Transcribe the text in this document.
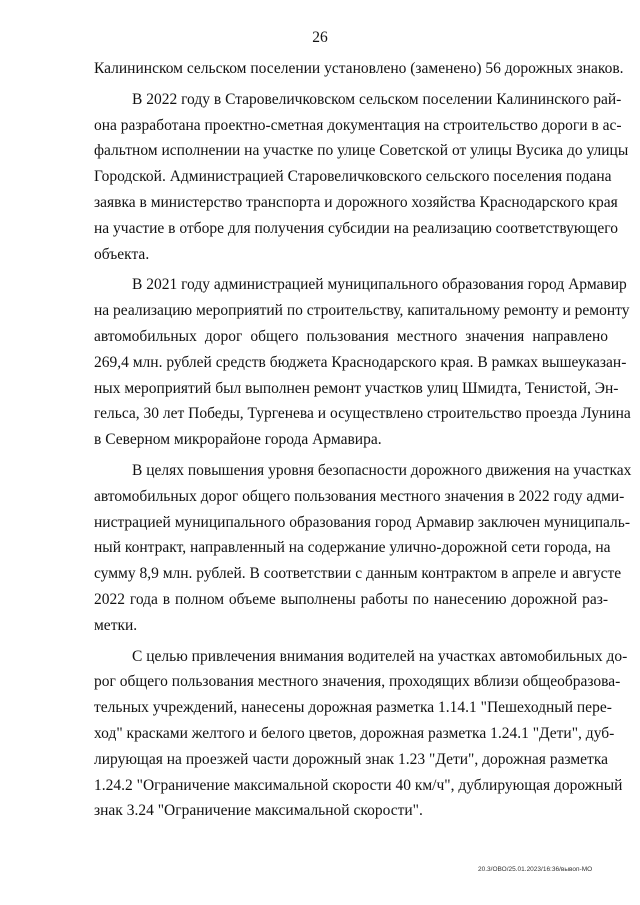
26
Калининском сельском поселении установлено (заменено) 56 дорожных знаков.
В 2022 году в Старовеличковском сельском поселении Калининского рай-
она разработана проектно-сметная документация на строительство дороги в ас-
фальтном исполнении на участке по улице Советской от улицы Вусика до улицы
Городской. Администрацией Старовеличковского сельского поселения подана
заявка в министерство транспорта и дорожного хозяйства Краснодарского края
на участие в отборе для получения субсидии на реализацию соответствующего
объекта.
В 2021 году администрацией муниципального образования город Армавир
на реализацию мероприятий по строительству, капитальному ремонту и ремонту
автомобильных дорог общего пользования местного значения направлено
269,4 млн. рублей средств бюджета Краснодарского края. В рамках вышеуказан-
ных мероприятий был выполнен ремонт участков улиц Шмидта, Тенистой, Эн-
гельса, 30 лет Победы, Тургенева и осуществлено строительство проезда Лунина
в Северном микрорайоне города Армавира.
В целях повышения уровня безопасности дорожного движения на участках
автомобильных дорог общего пользования местного значения в 2022 году адми-
нистрацией муниципального образования город Армавир заключен муниципаль-
ный контракт, направленный на содержание улично-дорожной сети города, на
сумму 8,9 млн. рублей. В соответствии с данным контрактом в апреле и августе
2022 года в полном объеме выполнены работы по нанесению дорожной раз-
метки.
С целью привлечения внимания водителей на участках автомобильных до-
рог общего пользования местного значения, проходящих вблизи общеобразова-
тельных учреждений, нанесены дорожная разметка 1.14.1 "Пешеходный пере-
ход" красками желтого и белого цветов, дорожная разметка 1.24.1 "Дети", дуб-
лирующая на проезжей части дорожный знак 1.23 "Дети", дорожная разметка
1.24.2 "Ограничение максимальной скорости 40 км/ч", дублирующая дорожный
знак 3.24 "Ограничение максимальной скорости".
20.3/ОВО/25.01.2023/16:36/вывоп-МО
